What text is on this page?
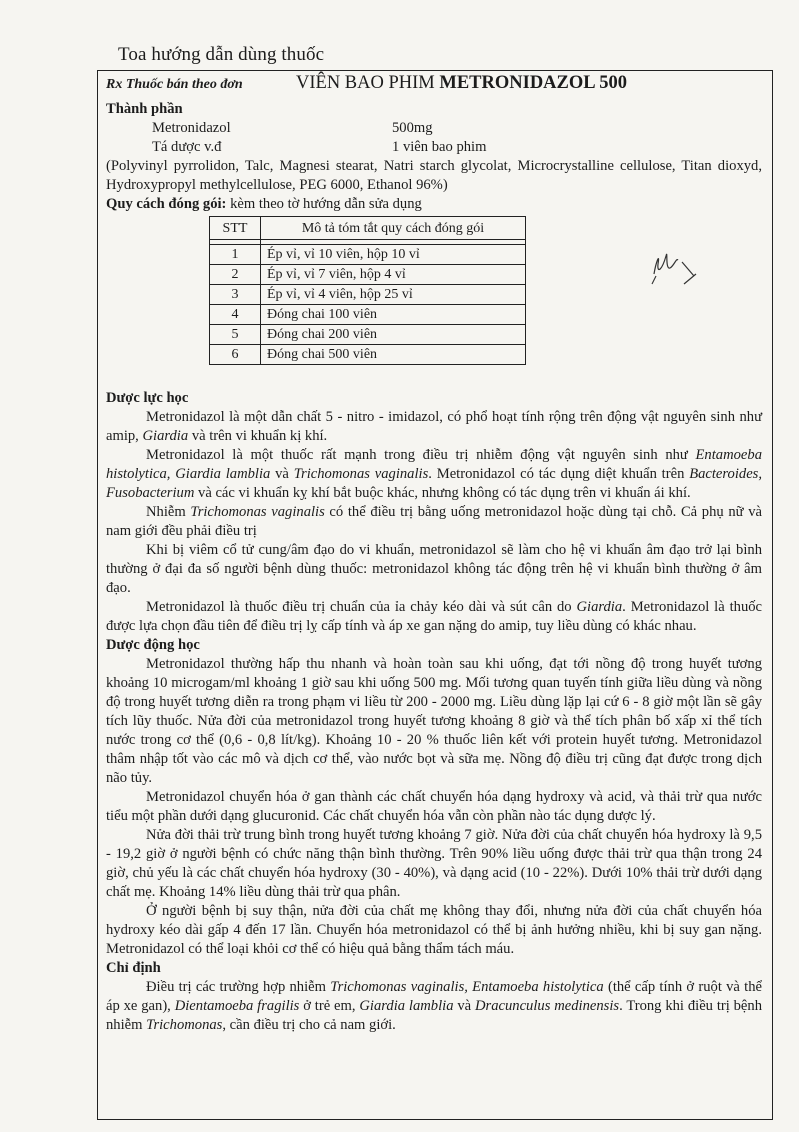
Toa hướng dẫn dùng thuốc
Rx Thuốc bán theo đơn	VIÊN BAO PHIM METRONIDAZOL 500
Thành phần
Metronidazol	500mg
Tá dược v.đ	1 viên bao phim

(Polyvinyl pyrrolidon, Talc, Magnesi stearat, Natri starch glycolat, Microcrystalline cellulose, Titan dioxyd, Hydroxypropyl methylcellulose, PEG 6000, Ethanol 96%)

Quy cách đóng gói: kèm theo tờ hướng dẫn sửa dụng
STT	Mô tả tóm tắt quy cách đóng gói

1	Ép vỉ, vỉ 10 viên, hộp 10 vỉ
2	Ép vỉ, vỉ 7 viên, hộp 4 vỉ
3	Ép vỉ, vỉ 4 viên, hộp 25 vỉ
4	Đóng chai 100 viên
5	Đóng chai 200 viên
6	Đóng chai 500 viên
Dược lực học

Metronidazol là một dẫn chất 5 - nitro - imidazol, có phổ hoạt tính rộng trên động vật nguyên sinh như amip, Giardia và trên vi khuẩn kị khí.

Metronidazol là một thuốc rất mạnh trong điều trị nhiễm động vật nguyên sinh như Entamoeba histolytica, Giardia lamblia và Trichomonas vaginalis. Metronidazol có tác dụng diệt khuẩn trên Bacteroides, Fusobacterium và các vi khuẩn kỵ khí bắt buộc khác, nhưng không có tác dụng trên vi khuẩn ái khí.

Nhiễm Trichomonas vaginalis có thể điều trị bằng uống metronidazol hoặc dùng tại chỗ. Cả phụ nữ và nam giới đều phải điều trị

Khi bị viêm cổ tử cung/âm đạo do vi khuẩn, metronidazol sẽ làm cho hệ vi khuẩn âm đạo trở lại bình thường ở đại đa số người bệnh dùng thuốc: metronidazol không tác động trên hệ vi khuẩn bình thường ở âm đạo.

Metronidazol là thuốc điều trị chuẩn của ỉa chảy kéo dài và sút cân do Giardia. Metronidazol là thuốc được lựa chọn đầu tiên để điều trị lỵ cấp tính và áp xe gan nặng do amip, tuy liều dùng có khác nhau.

Dược động học

Metronidazol thường hấp thu nhanh và hoàn toàn sau khi uống, đạt tới nồng độ trong huyết tương khoảng 10 microgam/ml khoảng 1 giờ sau khi uống 500 mg. Mối tương quan tuyến tính giữa liều dùng và nồng độ trong huyết tương diễn ra trong phạm vi liều từ 200 - 2000 mg. Liều dùng lặp lại cứ 6 - 8 giờ một lần sẽ gây tích lũy thuốc. Nửa đời của metronidazol trong huyết tương khoảng 8 giờ và thể tích phân bố xấp xỉ thể tích nước trong cơ thể (0,6 - 0,8 lít/kg). Khoảng 10 - 20 % thuốc liên kết với protein huyết tương. Metronidazol thâm nhập tốt vào các mô và dịch cơ thể, vào nước bọt và sữa mẹ. Nồng độ điều trị cũng đạt được trong dịch não tủy.

Metronidazol chuyển hóa ở gan thành các chất chuyển hóa dạng hydroxy và acid, và thải trừ qua nước tiểu một phần dưới dạng glucuronid. Các chất chuyển hóa vẫn còn phần nào tác dụng dược lý.

Nửa đời thải trừ trung bình trong huyết tương khoảng 7 giờ. Nửa đời của chất chuyển hóa hydroxy là 9,5 - 19,2 giờ ở người bệnh có chức năng thận bình thường. Trên 90% liều uống được thải trừ qua thận trong 24 giờ, chủ yếu là các chất chuyển hóa hydroxy (30 - 40%), và dạng acid (10 - 22%). Dưới 10% thải trừ dưới dạng chất mẹ. Khoảng 14% liều dùng thải trừ qua phân.

Ở người bệnh bị suy thận, nửa đời của chất mẹ không thay đổi, nhưng nửa đời của chất chuyển hóa hydroxy kéo dài gấp 4 đến 17 lần. Chuyển hóa metronidazol có thể bị ảnh hưởng nhiều, khi bị suy gan nặng. Metronidazol có thể loại khỏi cơ thể có hiệu quả bằng thẩm tách máu.

Chỉ định

Điều trị các trường hợp nhiễm Trichomonas vaginalis, Entamoeba histolytica (thể cấp tính ở ruột và thể áp xe gan), Dientamoeba fragilis ở trẻ em, Giardia lamblia và Dracunculus medinensis. Trong khi điều trị bệnh nhiễm Trichomonas, cần điều trị cho cả nam giới.
